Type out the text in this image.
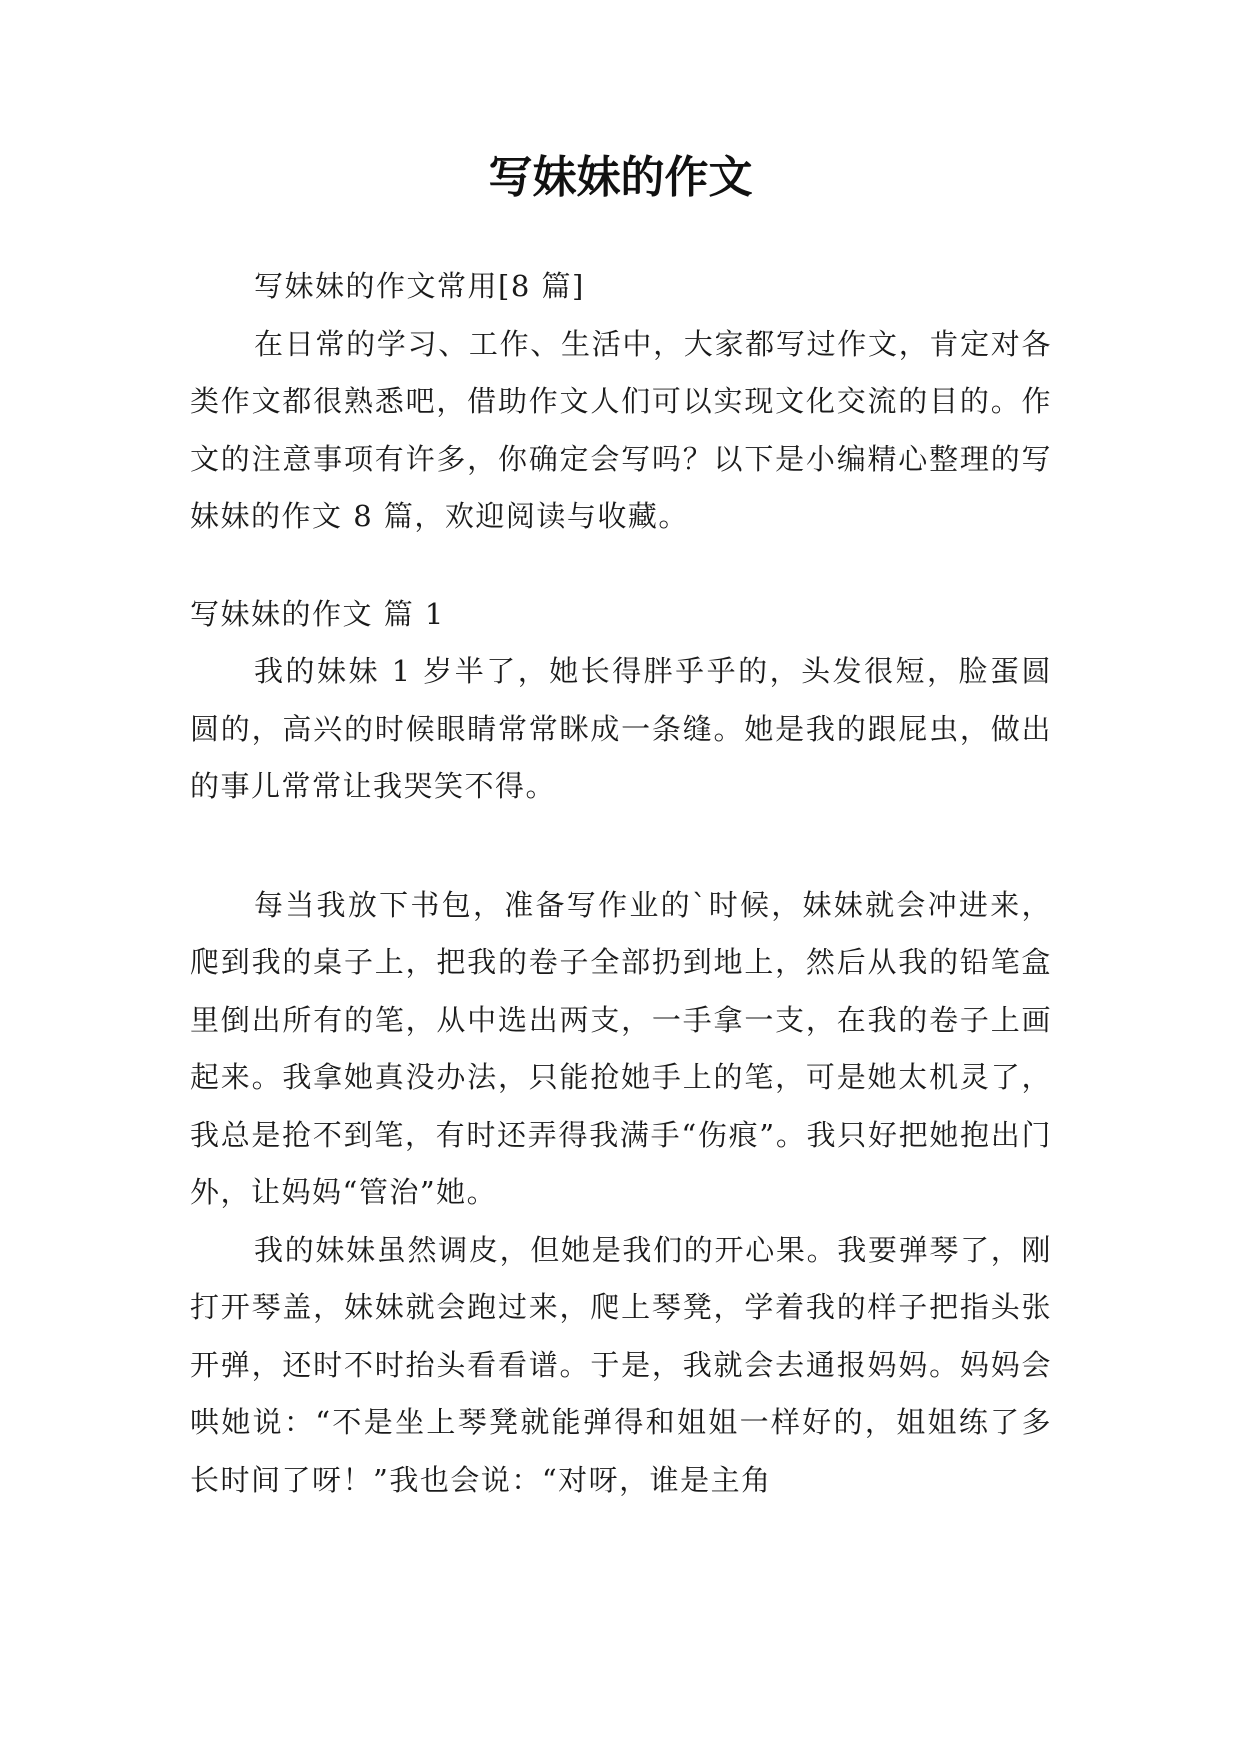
写妹妹的作文

写妹妹的作文常用[8 篇]

在日常的学习、工作、生活中，大家都写过作文，肯定对各类作文都很熟悉吧，借助作文人们可以实现文化交流的目的。作文的注意事项有许多，你确定会写吗？以下是小编精心整理的写妹妹的作文 8 篇，欢迎阅读与收藏。

写妹妹的作文 篇 1

我的妹妹 1 岁半了，她长得胖乎乎的，头发很短，脸蛋圆圆的，高兴的时候眼睛常常眯成一条缝。她是我的跟屁虫，做出的事儿常常让我哭笑不得。

每当我放下书包，准备写作业的`时候，妹妹就会冲进来，爬到我的桌子上，把我的卷子全部扔到地上，然后从我的铅笔盒里倒出所有的笔，从中选出两支，一手拿一支，在我的卷子上画起来。我拿她真没办法，只能抢她手上的笔，可是她太机灵了，我总是抢不到笔，有时还弄得我满手“伤痕”。我只好把她抱出门外，让妈妈“管治”她。

我的妹妹虽然调皮，但她是我们的开心果。我要弹琴了，刚打开琴盖，妹妹就会跑过来，爬上琴凳，学着我的样子把指头张开弹，还时不时抬头看看谱。于是，我就会去通报妈妈。妈妈会哄她说：“不是坐上琴凳就能弹得和姐姐一样好的，姐姐练了多长时间了呀！”我也会说：“对呀，谁是主角
